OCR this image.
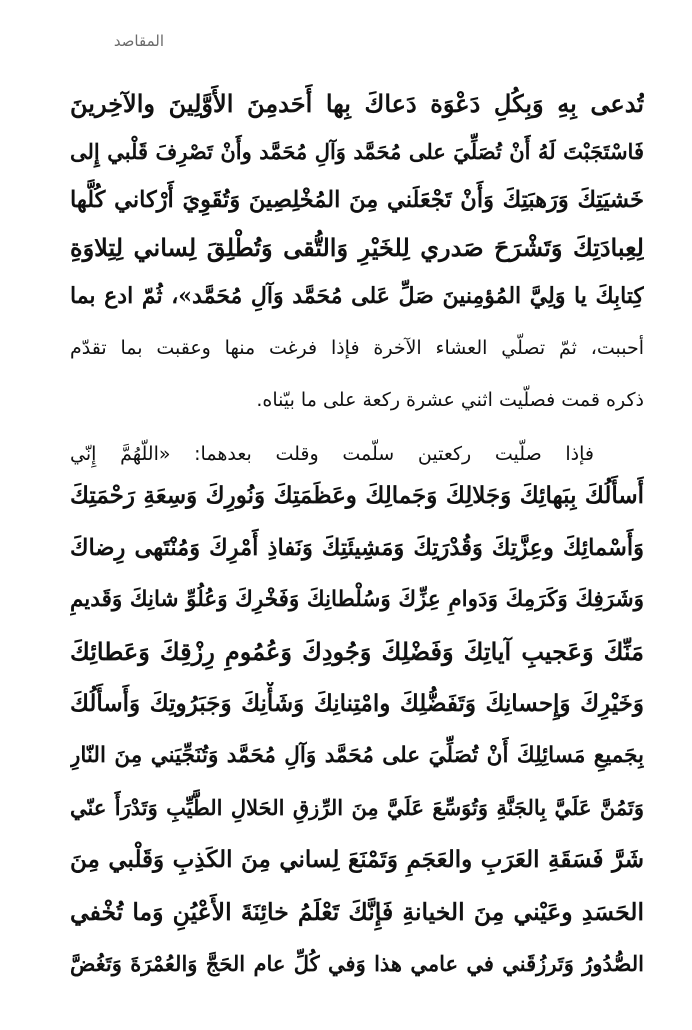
المقاصد
تُدعى بِهِ وَبِكُلِ دَعْوَة دَعاكَ بِها أَحَدمِنَ الأَوَّلِينَ والآخِرينَ
فَاسْتَجَبْتَ لَهُ أَنْ تُصَلِّيَ على مُحَمَّد وَآلِ مُحَمَّد وأَنْ تَصْرِفَ قَلْبي إِلى
خَشيَتِكَ وَرَهبَتِكَ وَأَنْ تَجْعَلَني مِنَ المُخْلِصِينَ وَتُقَوِيَ أَرْكاني كُلَّها
لِعِبادَتِكَ وَتَشْرَحَ صَدري لِلخَيْرِ وَالتُّقى وَتُطْلِقَ لِساني لِتِلاوَةِ
كِتابِكَ يا وَلِيَّ المُؤمِنينَ صَلِّ عَلى مُحَمَّد وَآلِ مُحَمَّد»، ثُمّ ادع بما
أحببت، ثمّ تصلّي العشاء الآخرة فإذا فرغت منها وعقبت بما تقدّم
ذكره قمت فصلّيت اثني عشرة ركعة على ما بيّناه.
فإذا صلّيت ركعتين سلّمت وقلت بعدهما: «اللّهُمَّ إِنّي
أَسأَلُكَ بِبَهائِكَ وَجَلالِكَ وَجَمالِكَ وعَظَمَتِكَ وَنُورِكَ وَسِعَةِ رَحْمَتِكَ
وَأَسْمائِكَ وعِزَّتِكَ وَقُدْرَتِكَ وَمَشِيئَتِكَ وَنَفاذِ أَمْرِكَ وَمُنْتَهى رِضاكَ
وَشَرَفِكَ وَكَرَمِكَ وَدَوامِ عِزِّكَ وَسُلْطانِكَ وَفَخْرِكَ وَعُلُوِّ شانِكَ وَقَديمِ
مَنِّكَ وَعَجيبِ آياتِكَ وَفَضْلِكَ وَجُودِكَ وَعُمُومِ رِزْقِكَ وَعَطائِكَ
وَخَيْرِكَ وَإِحسانِكَ وَتَفَضُّلِكَ وامْتِنانِكَ وَشَأْنِكَ وَجَبَرُوتِكَ وَأَسأَلُكَ
بِجَميعِ مَسائِلِكَ أَنْ تُصَلِّيَ على مُحَمَّد وَآلِ مُحَمَّد وَتُنَجِّيَني مِنَ النّارِ
وَتَمُنَّ عَلَيَّ بِالجَنَّةِ وَتُوَسِّعَ عَلَيَّ مِنَ الرِّزقِ الحَلالِ الطَّيِّبِ وَتَدْرَأَ عنّي
شَرَّ فَسَقَةِ العَرَبِ والعَجَمِ وَتَمْنَعَ لِساني مِنَ الكَذِبِ وَقَلْبي مِنَ
الحَسَدِ وعَيْني مِنَ الخيانةِ فَإِنَّكَ تَعْلَمُ خائِنَةَ الأَعْيُنِ وَما تُخْفي
الصُّدُورُ وَتَرزُقَني في عامي هذا وَفي كُلِّ عام الحَجَّ وَالعُمْرَةَ وَتَغُضَّ
